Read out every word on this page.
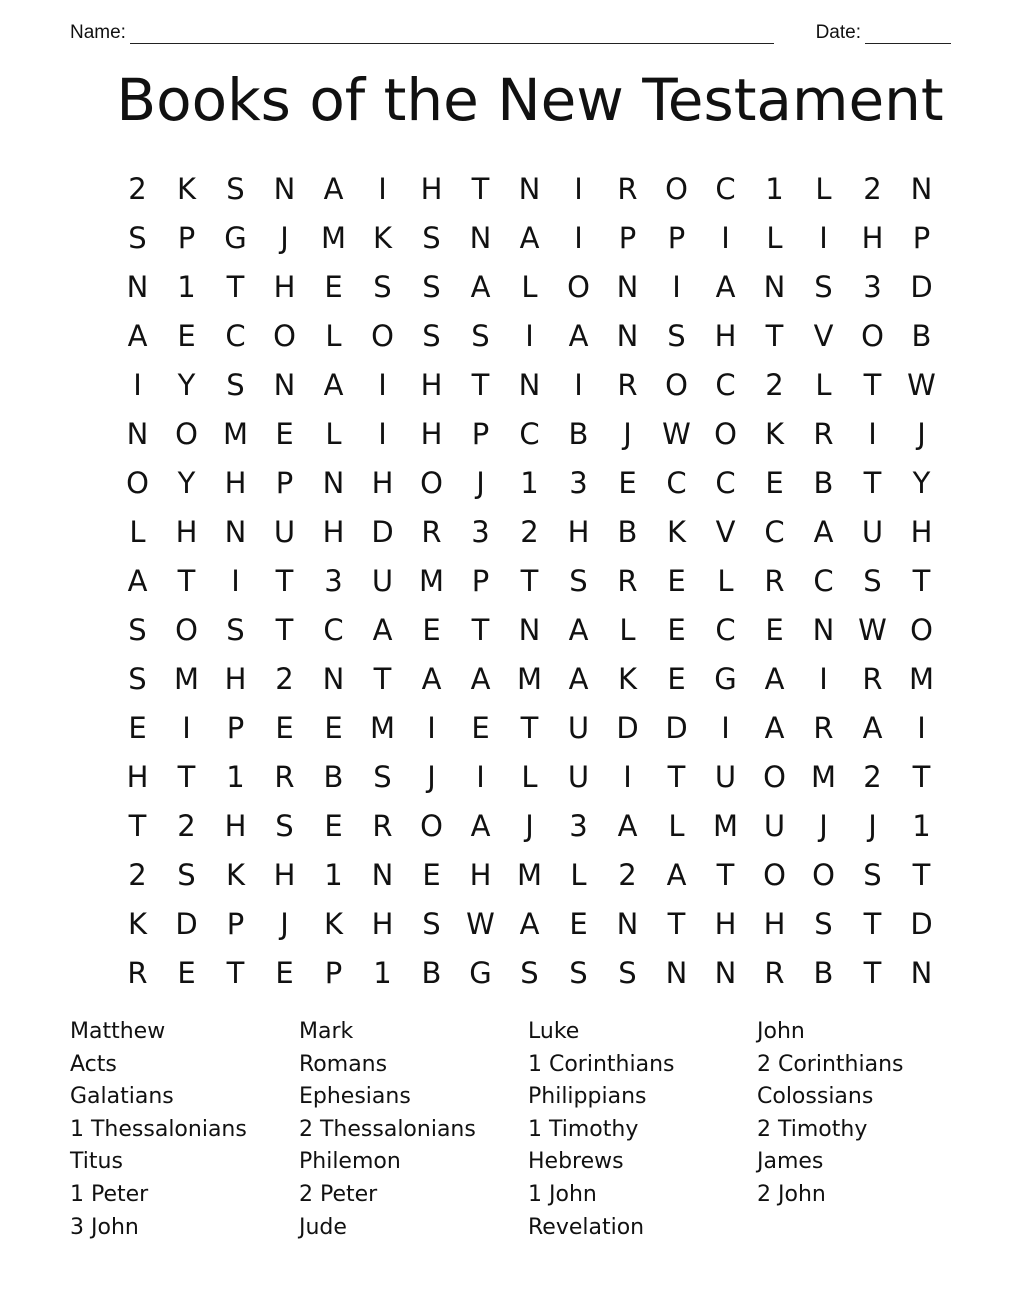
Name:	Date:
Books of the New Testament
2	K	S N A	I	H	T	N	I	R O C	1	L	2 N
S	P	G	J	M K	S N A	I	P	P	I	L	I	H	P
N 1	T	H E	S	S	A	L	O N	I	A N S	3 D
A	E	C O	L	O S	S	I	A N S H	T	V O B
I	Y	S N A	I	H	T	N	I	R O C	2	L	T W
N O M E	L	I	H	P	C B	J	W O K	R	I	J
O Y	H	P	N H O	J	1	3	E	C C	E	B	T	Y
L	H N U H D R	3	2 H B	K	V C A U H
A	T	I	T	3	U M P	T	S	R	E	L	R C	S	T
S O S	T	C A	E	T	N A	L	E	C	E N W O
S M H 2 N	T	A	A M A	K	E G A	I	R M
E	I	P	E	E M	I	E	T	U D D	I	A	R	A	I
H	T	1	R B	S	J	I	L	U	I	T	U O M 2	T
T	2 H S	E	R O A	J	3	A	L M U	J	J	1
2	S	K H 1 N E H M L	2	A	T O O S	T
K D	P	J	K H S W A	E N	T	H H S	T D
R	E	T	E	P	1	B G S	S	S N N R B	T	N
Matthew	Mark	Luke	John
Acts	Romans	1 Corinthians	2 Corinthians
Galatians	Ephesians	Philippians	Colossians
1 Thessalonians	2 Thessalonians	1 Timothy	2 Timothy
Titus	Philemon	Hebrews	James
1 Peter	2 Peter	1 John	2 John
3 John	Jude	Revelation
